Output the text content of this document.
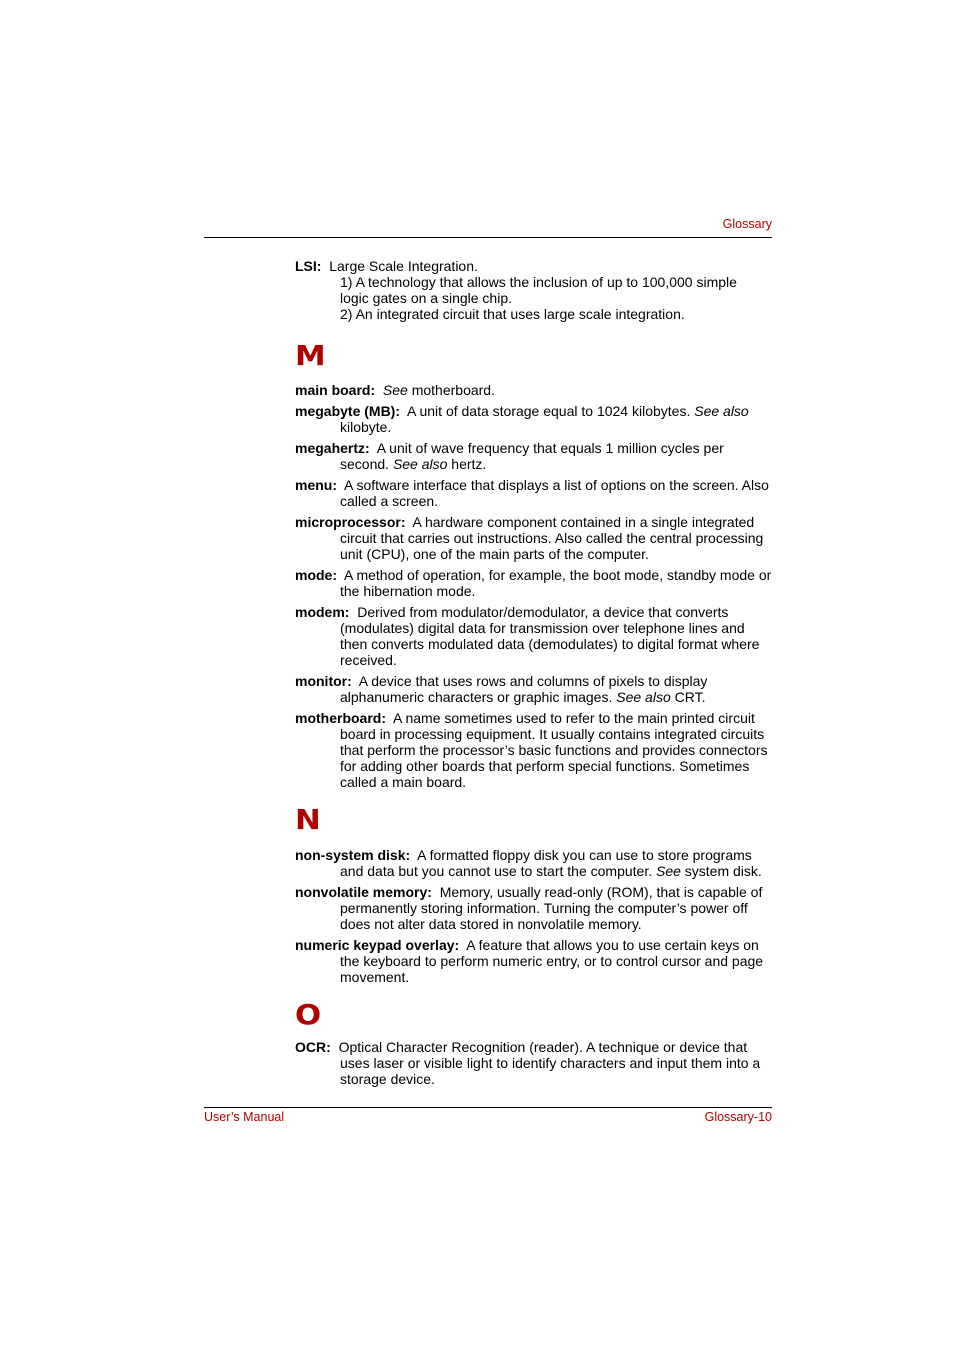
Glossary
LSI: Large Scale Integration.
1) A technology that allows the inclusion of up to 100,000 simple
logic gates on a single chip.
2) An integrated circuit that uses large scale integration.
M
main board: See motherboard.
megabyte (MB): A unit of data storage equal to 1024 kilobytes. See also kilobyte.
megahertz: A unit of wave frequency that equals 1 million cycles per second. See also hertz.
menu: A software interface that displays a list of options on the screen. Also called a screen.
microprocessor: A hardware component contained in a single integrated circuit that carries out instructions. Also called the central processing unit (CPU), one of the main parts of the computer.
mode: A method of operation, for example, the boot mode, standby mode or the hibernation mode.
modem: Derived from modulator/demodulator, a device that converts (modulates) digital data for transmission over telephone lines and then converts modulated data (demodulates) to digital format where received.
monitor: A device that uses rows and columns of pixels to display alphanumeric characters or graphic images. See also CRT.
motherboard: A name sometimes used to refer to the main printed circuit board in processing equipment. It usually contains integrated circuits that perform the processor’s basic functions and provides connectors for adding other boards that perform special functions. Sometimes called a main board.
N
non-system disk: A formatted floppy disk you can use to store programs and data but you cannot use to start the computer. See system disk.
nonvolatile memory: Memory, usually read-only (ROM), that is capable of permanently storing information. Turning the computer’s power off does not alter data stored in nonvolatile memory.
numeric keypad overlay: A feature that allows you to use certain keys on the keyboard to perform numeric entry, or to control cursor and page movement.
O
OCR: Optical Character Recognition (reader). A technique or device that uses laser or visible light to identify characters and input them into a storage device.
User’s Manual	Glossary-10
